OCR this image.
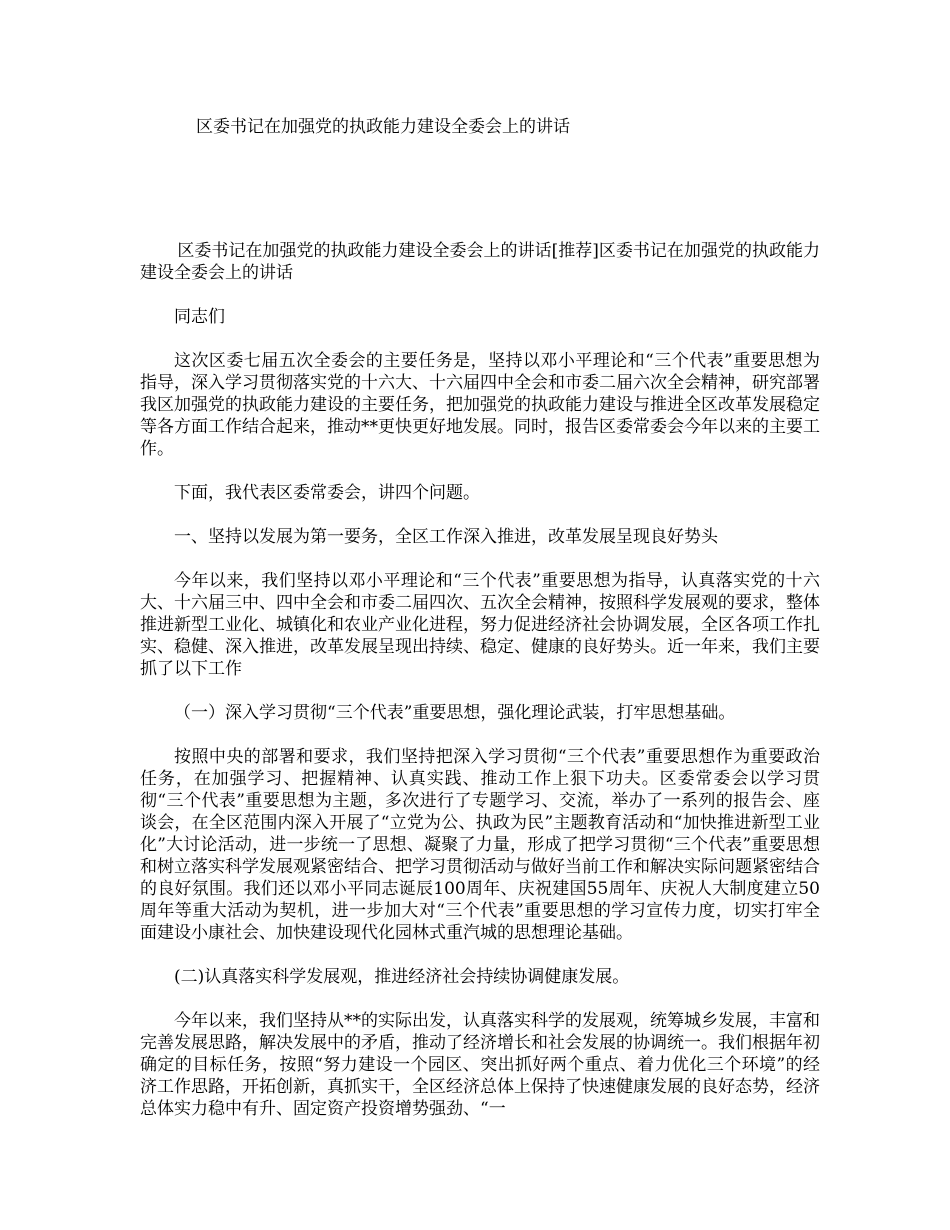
区委书记在加强党的执政能力建设全委会上的讲话

区委书记在加强党的执政能力建设全委会上的讲话[推荐]区委书记在加强党的执政能力建设全委会上的讲话

同志们

这次区委七届五次全委会的主要任务是，坚持以邓小平理论和“三个代表”重要思想为指导，深入学习贯彻落实党的十六大、十六届四中全会和市委二届六次全会精神，研究部署我区加强党的执政能力建设的主要任务，把加强党的执政能力建设与推进全区改革发展稳定等各方面工作结合起来，推动**更快更好地发展。同时，报告区委常委会今年以来的主要工作。

下面，我代表区委常委会，讲四个问题。

一、坚持以发展为第一要务，全区工作深入推进，改革发展呈现良好势头

今年以来，我们坚持以邓小平理论和“三个代表”重要思想为指导，认真落实党的十六大、十六届三中、四中全会和市委二届四次、五次全会精神，按照科学发展观的要求，整体推进新型工业化、城镇化和农业产业化进程，努力促进经济社会协调发展，全区各项工作扎实、稳健、深入推进，改革发展呈现出持续、稳定、健康的良好势头。近一年来，我们主要抓了以下工作

（一）深入学习贯彻“三个代表”重要思想，强化理论武装，打牢思想基础。

按照中央的部署和要求，我们坚持把深入学习贯彻“三个代表”重要思想作为重要政治任务，在加强学习、把握精神、认真实践、推动工作上狠下功夫。区委常委会以学习贯彻“三个代表”重要思想为主题，多次进行了专题学习、交流，举办了一系列的报告会、座谈会，在全区范围内深入开展了“立党为公、执政为民”主题教育活动和“加快推进新型工业化”大讨论活动，进一步统一了思想、凝聚了力量，形成了把学习贯彻“三个代表”重要思想和树立落实科学发展观紧密结合、把学习贯彻活动与做好当前工作和解决实际问题紧密结合的良好氛围。我们还以邓小平同志诞辰100周年、庆祝建国55周年、庆祝人大制度建立50周年等重大活动为契机，进一步加大对“三个代表”重要思想的学习宣传力度，切实打牢全面建设小康社会、加快建设现代化园林式重汽城的思想理论基础。

(二)认真落实科学发展观，推进经济社会持续协调健康发展。

今年以来，我们坚持从**的实际出发，认真落实科学的发展观，统筹城乡发展，丰富和完善发展思路，解决发展中的矛盾，推动了经济增长和社会发展的协调统一。我们根据年初确定的目标任务，按照“努力建设一个园区、突出抓好两个重点、着力优化三个环境”的经济工作思路，开拓创新，真抓实干，全区经济总体上保持了快速健康发展的良好态势，经济总体实力稳中有升、固定资产投资增势强劲、“一
